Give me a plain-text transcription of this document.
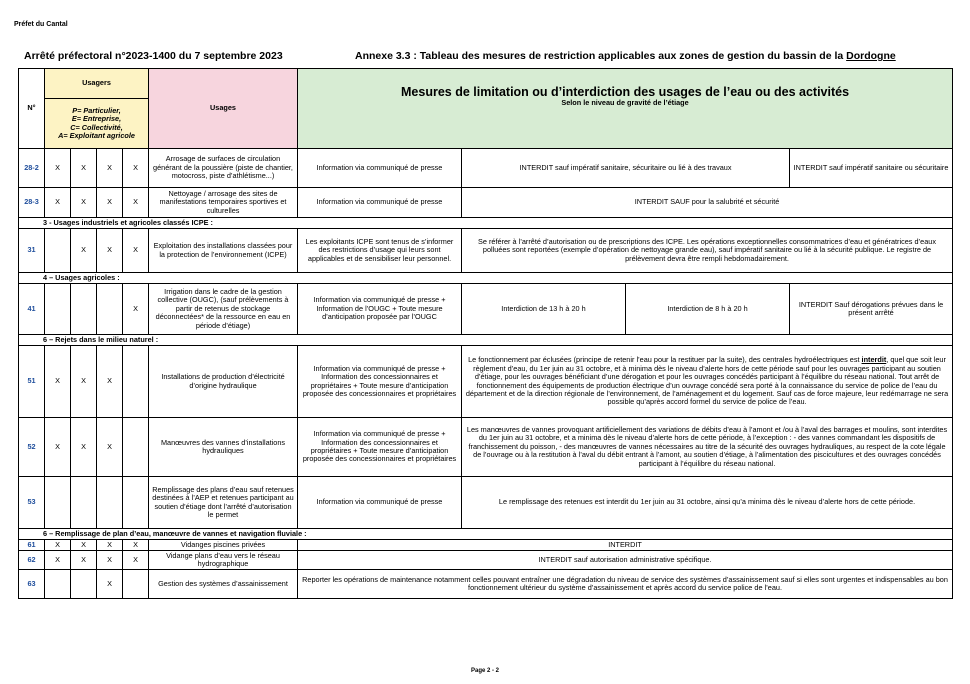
Préfet du Cantal
Arrêté préfectoral n°2023-1400 du 7 septembre 2023	Annexe 3.3 : Tableau des mesures de restriction applicables aux zones de gestion du bassin de la Dordogne
N°	Usagers				Usages	Mesures de limitation ou d’interdiction des usages de l’eau ou des activités
Selon le niveau de gravité de l’étiage			

	P= Particulier,
E= Entreprise,
C= Collectivité,
A= Exploitant agricole								
28-2	X	X	X	X	Arrosage de surfaces de circulation générant de la poussière (piste de chantier, motocross, piste d’athlétisme...)	Information via communiqué de presse	INTERDIT sauf impératif sanitaire, sécuritaire ou lié à des travaux		INTERDIT sauf impératif sanitaire ou sécuritaire
28-3	X	X	X	X	Nettoyage / arrosage des sites de manifestations temporaires sportives et culturelles	Information via communiqué de presse	INTERDIT SAUF pour la salubrité et sécurité		
3 - Usages industriels et agricoles classés ICPE :									
31		X	X	X	Exploitation des installations classées pour la protection de l’environnement (ICPE)	Les exploitants ICPE sont tenus de s’informer des restrictions d’usage qui leurs sont applicables et de sensibiliser leur personnel.	Se référer à l’arrêté d’autorisation ou de prescriptions des ICPE. Les opérations exceptionnelles consommatrices d’eau et génératrices d’eaux polluées sont reportées (exemple d’opération de nettoyage grande eau), sauf impératif sanitaire ou lié à la sécurité publique. Le registre de prélèvement devra être rempli hebdomadairement.		
4 – Usages agricoles :									
41				X	Irrigation dans le cadre de la gestion collective (OUGC), (sauf prélèvements à partir de retenus de stockage déconnectées* de la ressource en eau en période d’étiage)	Information via communiqué de presse + Information de l’OUGC + Toute mesure d’anticipation proposée par l’OUGC	Interdiction de 13 h à 20 h	Interdiction de 8 h à 20 h	INTERDIT Sauf dérogations prévues dans le présent arrêté
6 – Rejets dans le milieu naturel :									
51	X	X	X		Installations de production d’électricité d’origine hydraulique	Information via communiqué de presse + Information des concessionnaires et propriétaires + Toute mesure d’anticipation proposée des concessionnaires et propriétaires	Le fonctionnement par éclusées (principe de retenir l’eau pour la restituer par la suite), des centrales hydroélectriques est interdit, quel que soit leur règlement d’eau, du 1er juin au 31 octobre, et à minima dès le niveau d’alerte hors de cette période sauf pour les ouvrages participant au soutien d’étiage, pour les ouvrages bénéficiant d’une dérogation et pour les ouvrages concédés participant à l’équilibre du réseau national. Tout arrêt de fonctionnement des équipements de production électrique d’un ouvrage concédé sera porté à la connaissance du service de police de l’eau du département et de la direction régionale de l’environnement, de l’aménagement et du logement. Sauf cas de force majeure, leur redémarrage ne sera possible qu’après accord formel du service de police de l’eau.		
52	X	X	X		Manœuvres des vannes d’installations hydrauliques	Information via communiqué de presse + Information des concessionnaires et propriétaires + Toute mesure d’anticipation proposée des concessionnaires et propriétaires	Les manœuvres de vannes provoquant artificiellement des variations de débits d’eau à l’amont et /ou à l’aval des barrages et moulins, sont interdites du 1er juin au 31 octobre, et a minima dès le niveau d’alerte hors de cette période, à l’exception : - des vannes commandant les dispositifs de franchissement du poisson, - des manœuvres de vannes nécessaires au titre de la sécurité des ouvrages hydrauliques, au respect de la cote légale de l’ouvrage ou à la restitution à l’aval du débit entrant à l’amont, au soutien d’étiage, à l’alimentation des piscicultures et des ouvrages concédés participant à l’équilibre du réseau national.		
53					Remplissage des plans d’eau sauf retenues destinées à l’AEP et retenues participant au soutien d’étiage dont l’arrêté d’autorisation le permet	Information via communiqué de presse	Le remplissage des retenues est interdit du 1er juin au 31 octobre, ainsi qu’a minima dès le niveau d’alerte hors de cette période.		
6 – Remplissage de plan d’eau, manœuvre de vannes et navigation fluviale :									
61	X	X	X	X	Vidanges piscines privées	INTERDIT			
62	X	X	X	X	Vidange plans d’eau vers le réseau hydrographique	INTERDIT sauf autorisation administrative spécifique.			
63			X		Gestion des systèmes d’assainissement	Reporter les opérations de maintenance notamment celles pouvant entraîner une dégradation du niveau de service des systèmes d’assainissement sauf si elles sont urgentes et indispensables au bon fonctionnement ultérieur du système d’assainissement et après accord du service police de l’eau.			
Page 2 - 2
